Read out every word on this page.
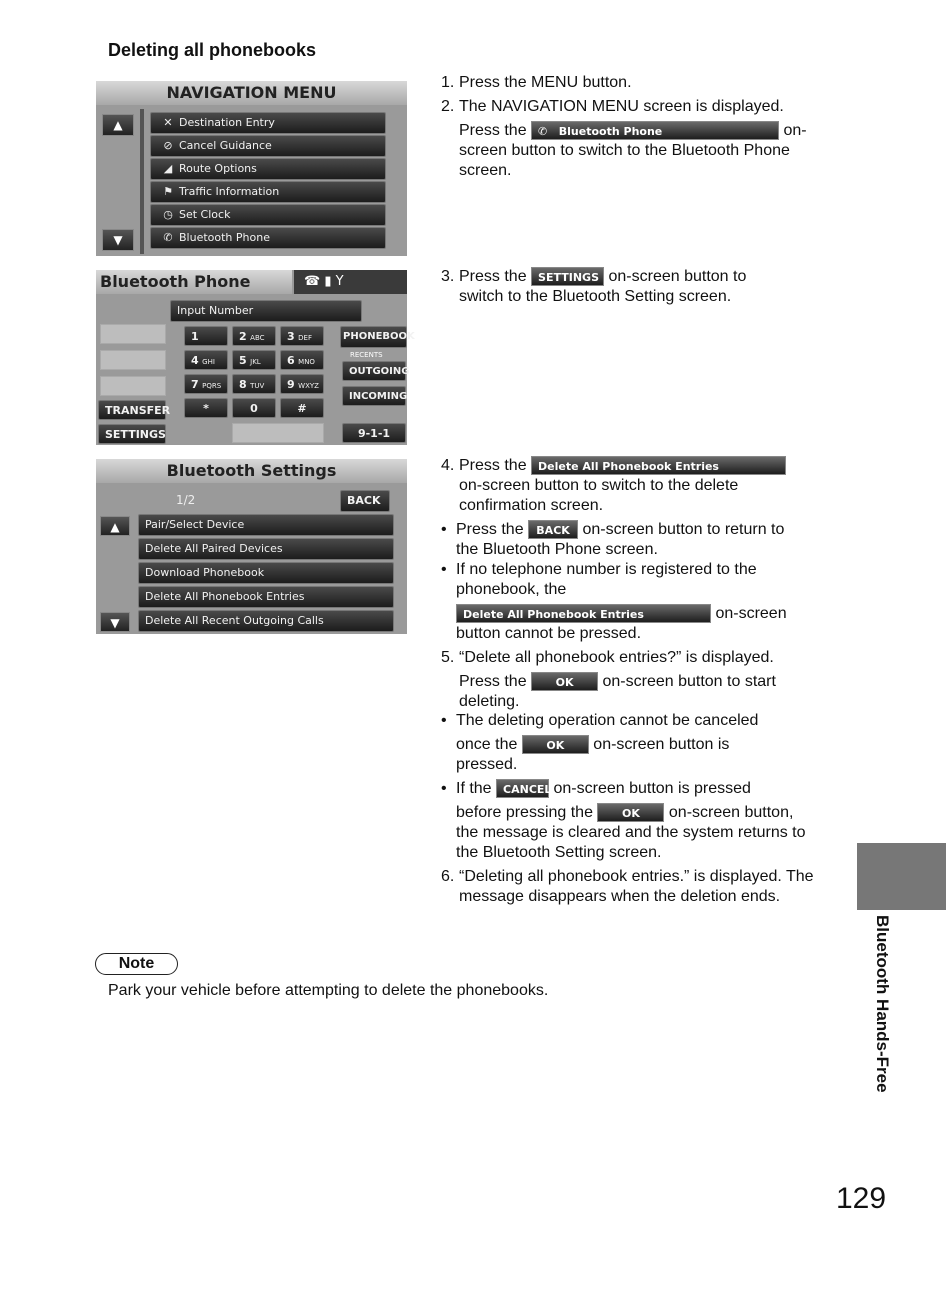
Deleting all phonebooks
NAVIGATION MENU
▲
▼
✕ Destination Entry
⊘ Cancel Guidance
◢ Route Options
⚑ Traffic Information
◷ Set Clock
✆ Bluetooth Phone
Bluetooth Phone	☎ ▮ Y
Input Number
TRANSFER
SETTINGS
1	2 ABC	3 DEF
4 GHI	5 JKL	6 MNO
7 PQRS	8 TUV	9 WXYZ
*	0	#
PHONEBOOK
RECENTS
OUTGOING
INCOMING
9-1-1
Bluetooth Settings
1/2	BACK
▲
▼
Pair/Select Device
Delete All Paired Devices
Download Phonebook
Delete All Phonebook Entries
Delete All Recent Outgoing Calls
1. Press the MENU button.
2. The NAVIGATION MENU screen is displayed.
Press the ✆ Bluetooth Phone	on-
screen button to switch to the Bluetooth Phone screen.
3. Press the SETTINGS on-screen button to
switch to the Bluetooth Setting screen.
4. Press the Delete All Phonebook Entries
on-screen button to switch to the delete confirmation screen.
• Press the BACK on-screen button to return to
the Bluetooth Phone screen.
• If no telephone number is registered to the phonebook, the
Delete All Phonebook Entries	on-screen
button cannot be pressed.
5. “Delete all phonebook entries?” is displayed.
Press the	OK on-screen button to start
deleting.
• The deleting operation cannot be canceled
once the	OK on-screen button is
pressed.
• If the CANCEL on-screen button is pressed
before pressing the	OK on-screen button,
the message is cleared and the system returns to the Bluetooth Setting screen.
6. “Deleting all phonebook entries.” is displayed. The message disappears when the deletion ends.
Note
Park your vehicle before attempting to delete the phonebooks.	Bluetooth Hands-Free
129
